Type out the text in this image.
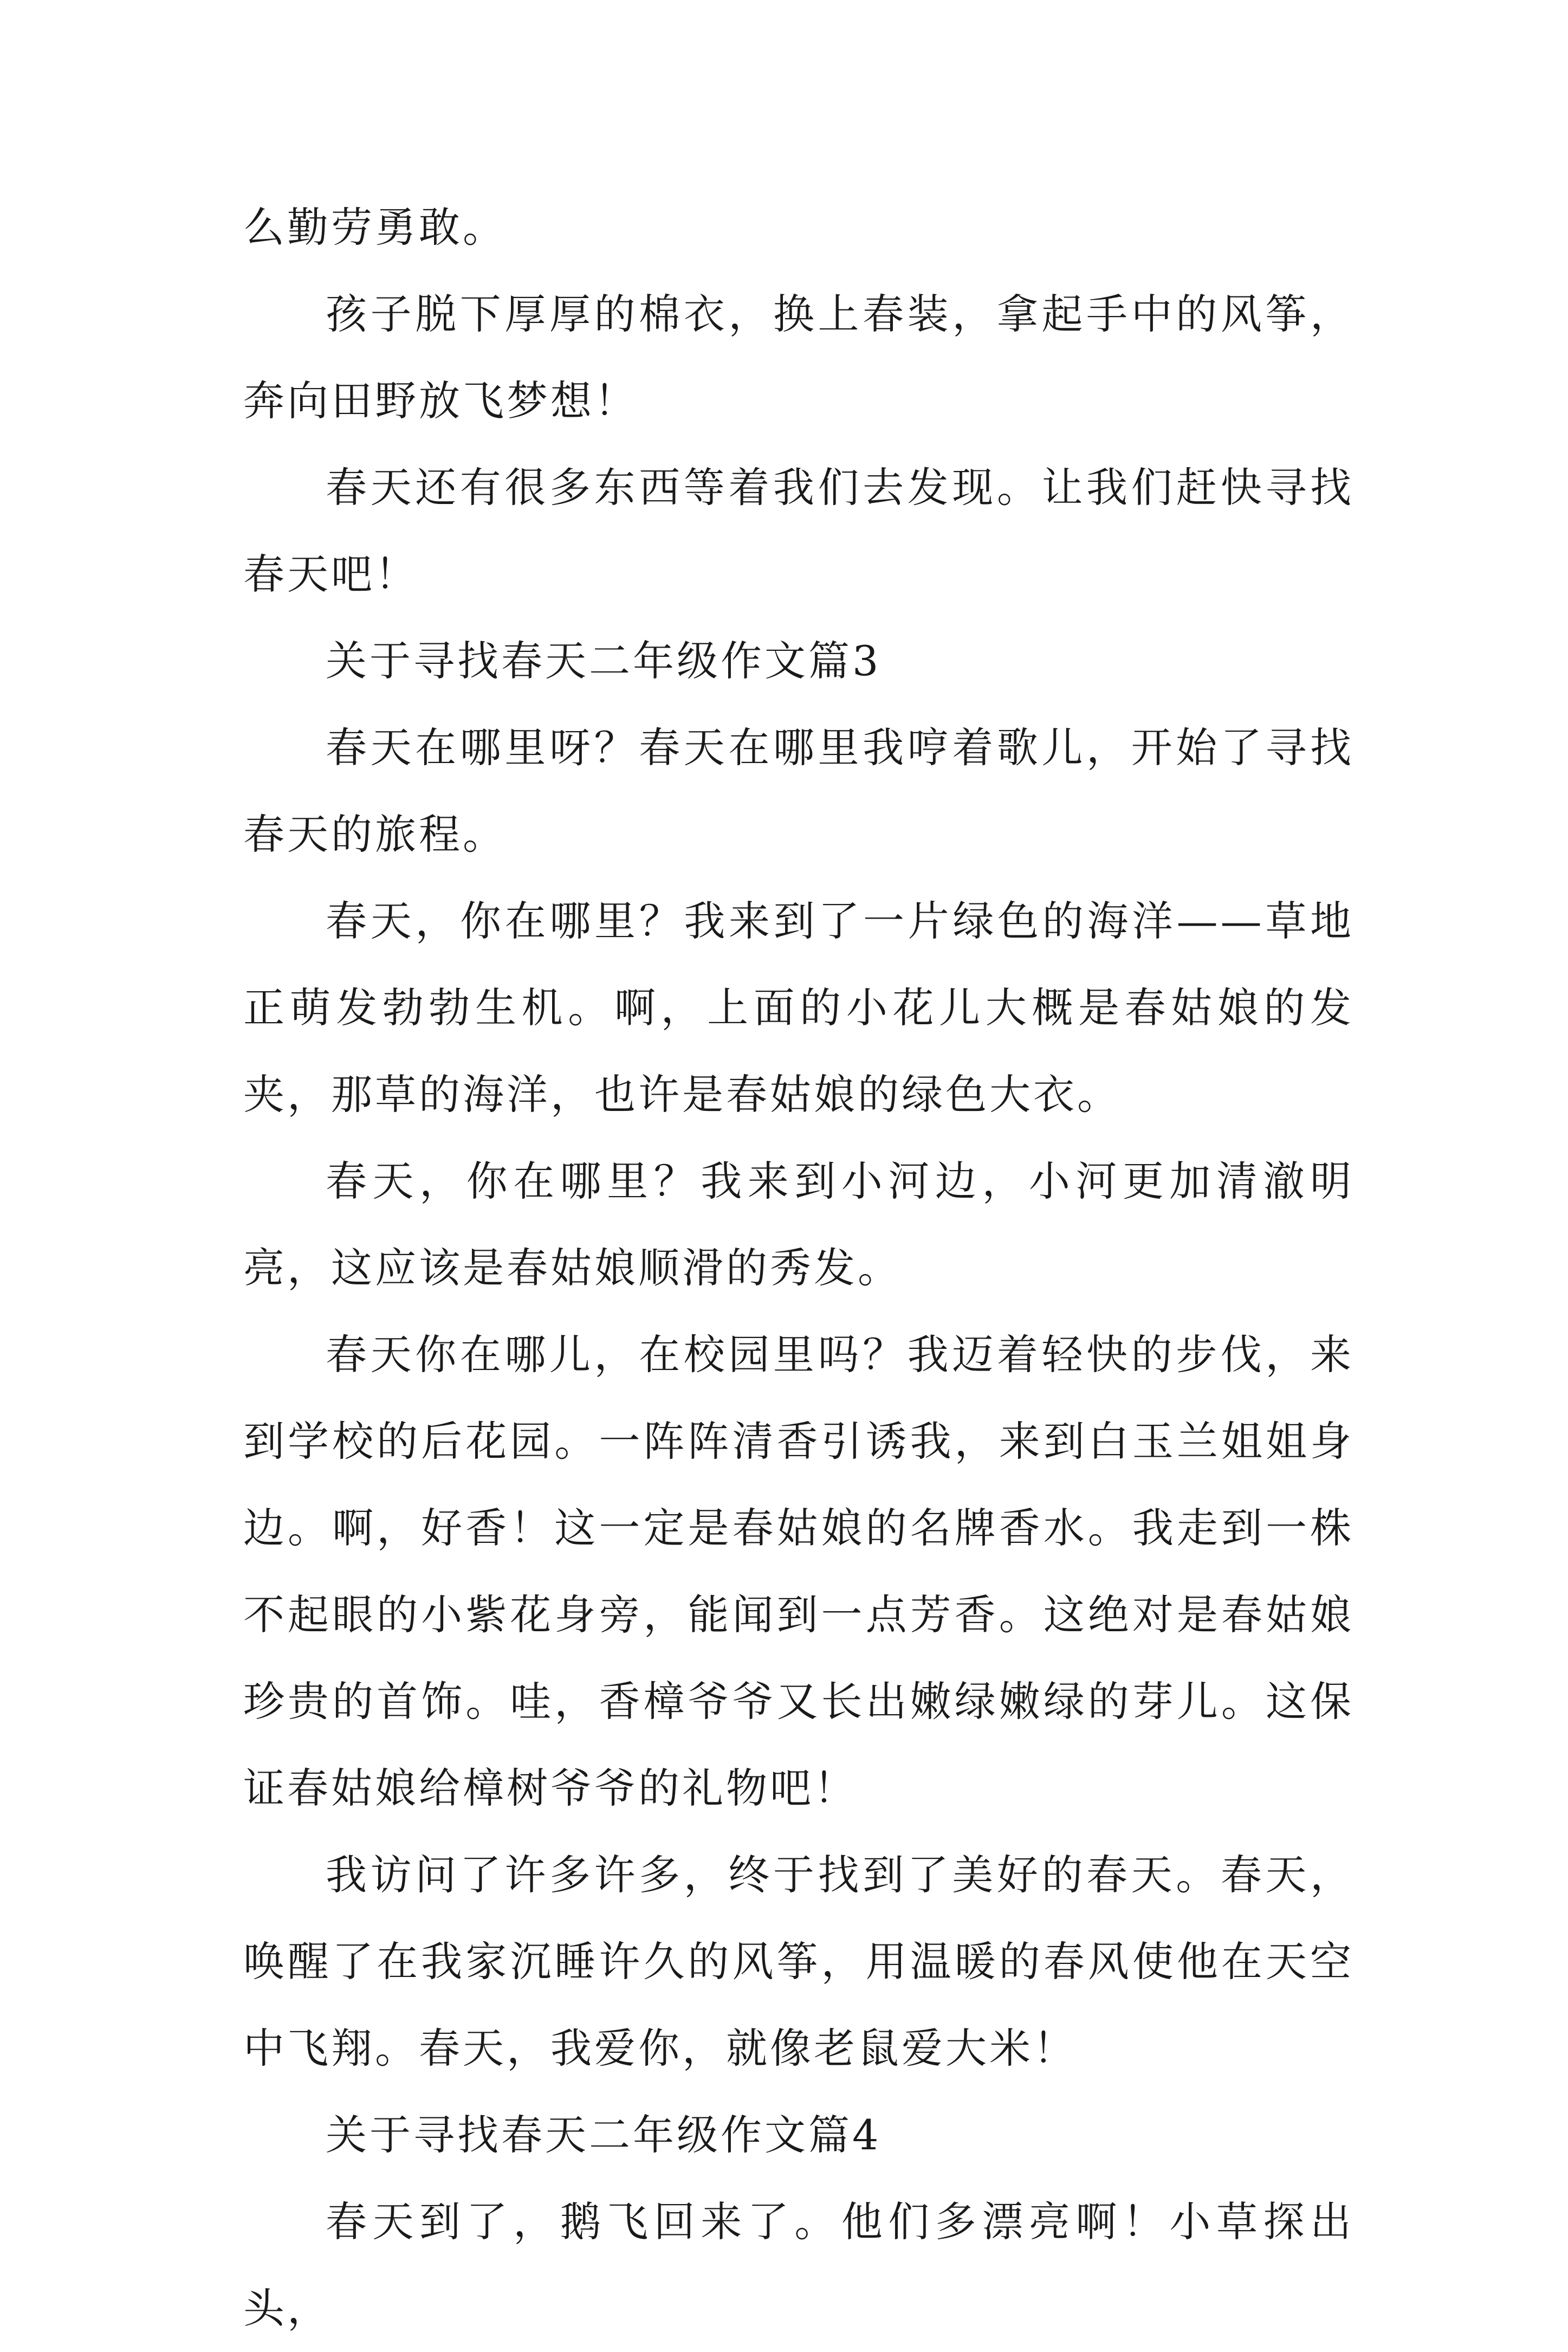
么勤劳勇敢。

孩子脱下厚厚的棉衣，换上春装，拿起手中的风筝，奔向田野放飞梦想！

春天还有很多东西等着我们去发现。让我们赶快寻找春天吧！

关于寻找春天二年级作文篇3

春天在哪里呀？春天在哪里我哼着歌儿，开始了寻找春天的旅程。

春天，你在哪里？我来到了一片绿色的海洋——草地正萌发勃勃生机。啊，上面的小花儿大概是春姑娘的发夹，那草的海洋，也许是春姑娘的绿色大衣。

春天，你在哪里？我来到小河边，小河更加清澈明亮，这应该是春姑娘顺滑的秀发。

春天你在哪儿，在校园里吗？我迈着轻快的步伐，来到学校的后花园。一阵阵清香引诱我，来到白玉兰姐姐身边。啊，好香！这一定是春姑娘的名牌香水。我走到一株不起眼的小紫花身旁，能闻到一点芳香。这绝对是春姑娘珍贵的首饰。哇，香樟爷爷又长出嫩绿嫩绿的芽儿。这保证春姑娘给樟树爷爷的礼物吧！

我访问了许多许多，终于找到了美好的春天。春天，唤醒了在我家沉睡许久的风筝，用温暖的春风使他在天空中飞翔。春天，我爱你，就像老鼠爱大米！

关于寻找春天二年级作文篇4

春天到了，鹅飞回来了。他们多漂亮啊！小草探出头，
